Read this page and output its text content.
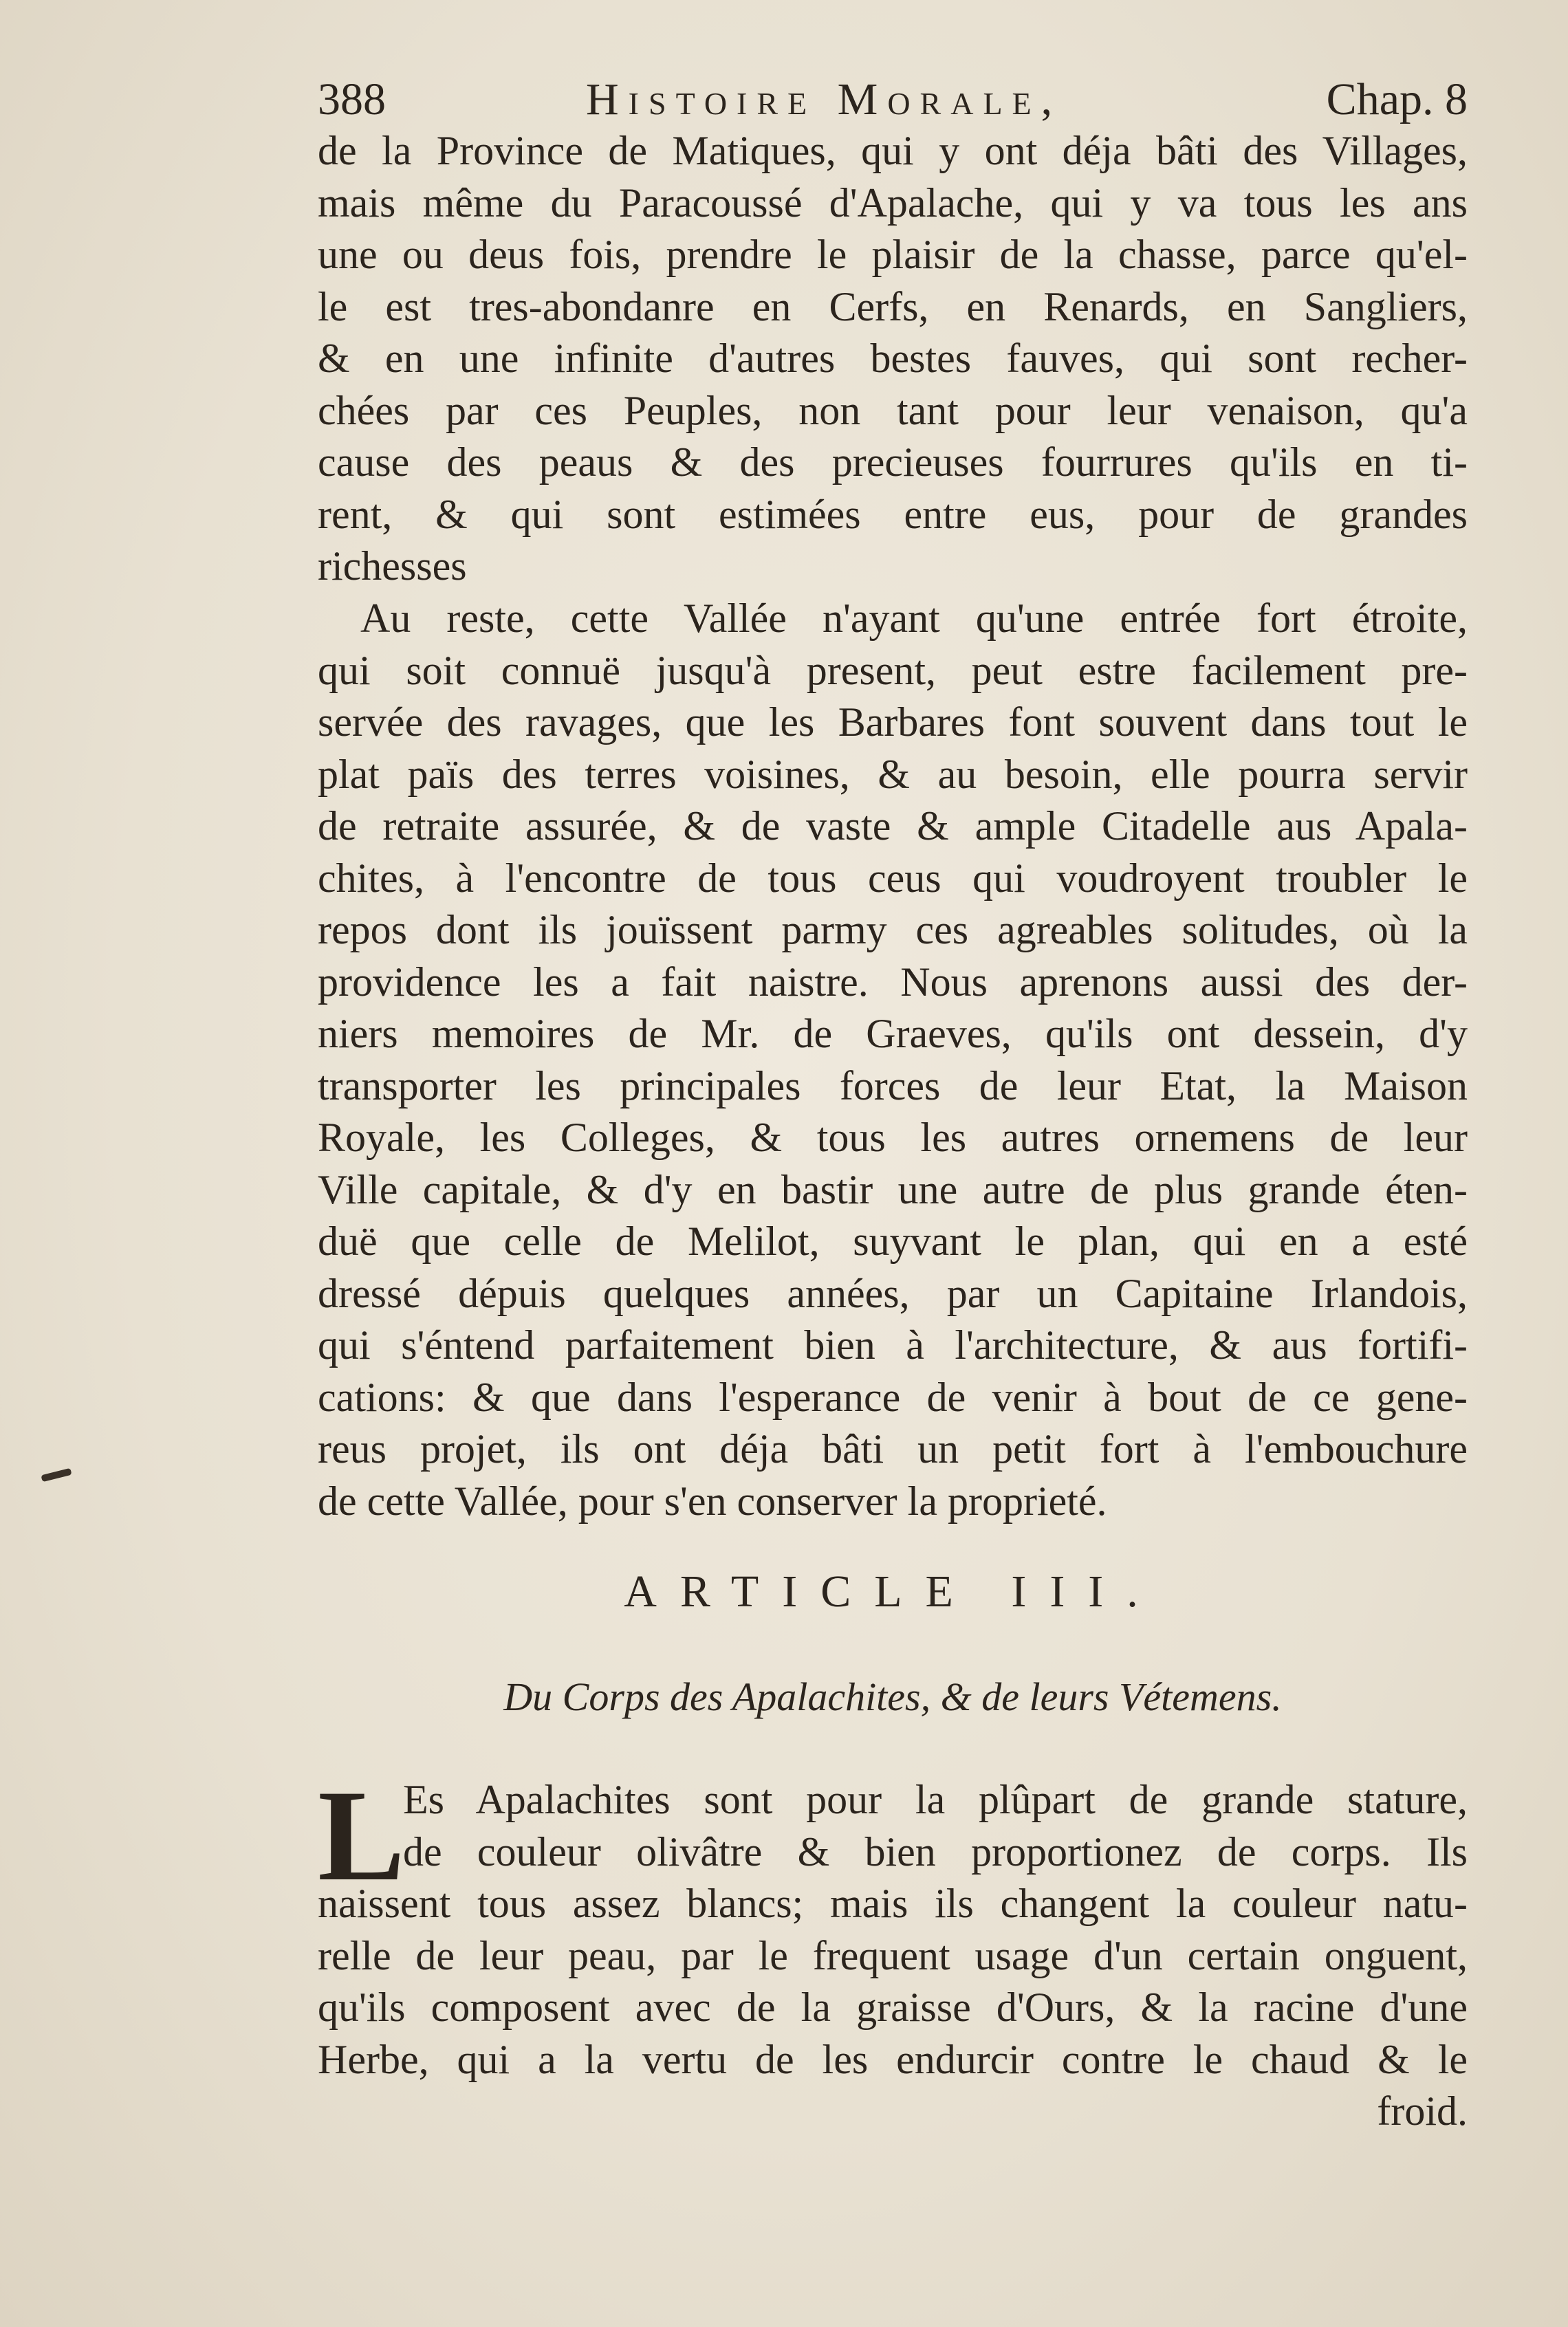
388	Histoire Morale,	Chap. 8
de la Province de Matiques, qui y ont déja bâti des Villages,
mais même du Paracoussé d'Apalache, qui y va tous les ans
une ou deus fois, prendre le plaisir de la chasse, parce qu'el-
le est tres-abondanre en Cerfs, en Renards, en Sangliers,
& en une infinite d'autres bestes fauves, qui sont recher-
chées par ces Peuples, non tant pour leur venaison, qu'a
cause des peaus & des precieuses fourrures qu'ils en ti-
rent, & qui sont estimées entre eus, pour de grandes
richesses
Au reste, cette Vallée n'ayant qu'une entrée fort étroite,
qui soit connuë jusqu'à present, peut estre facilement pre-
servée des ravages, que les Barbares font souvent dans tout le
plat païs des terres voisines, & au besoin, elle pourra servir
de retraite assurée, & de vaste & ample Citadelle aus Apala-
chites, à l'encontre de tous ceus qui voudroyent troubler le
repos dont ils jouïssent parmy ces agreables solitudes, où la
providence les a fait naistre. Nous aprenons aussi des der-
niers memoires de Mr. de Graeves, qu'ils ont dessein, d'y
transporter les principales forces de leur Etat, la Maison
Royale, les Colleges, & tous les autres ornemens de leur
Ville capitale, & d'y en bastir une autre de plus grande éten-
duë que celle de Melilot, suyvant le plan, qui en a esté
dressé dépuis quelques années, par un Capitaine Irlandois,
qui s'éntend parfaitement bien à l'architecture, & aus fortifi-
cations: & que dans l'esperance de venir à bout de ce gene-
reus projet, ils ont déja bâti un petit fort à l'embouchure
de cette Vallée, pour s'en conserver la proprieté.
ARTICLE III.
Du Corps des Apalachites, & de leurs Vétemens.
L
Es Apalachites sont pour la plûpart de grande stature,
de couleur olivâtre & bien proportionez de corps. Ils
naissent tous assez blancs; mais ils changent la couleur natu-
relle de leur peau, par le frequent usage d'un certain onguent,
qu'ils composent avec de la graisse d'Ours, & la racine d'une
Herbe, qui a la vertu de les endurcir contre le chaud & le
froid.
